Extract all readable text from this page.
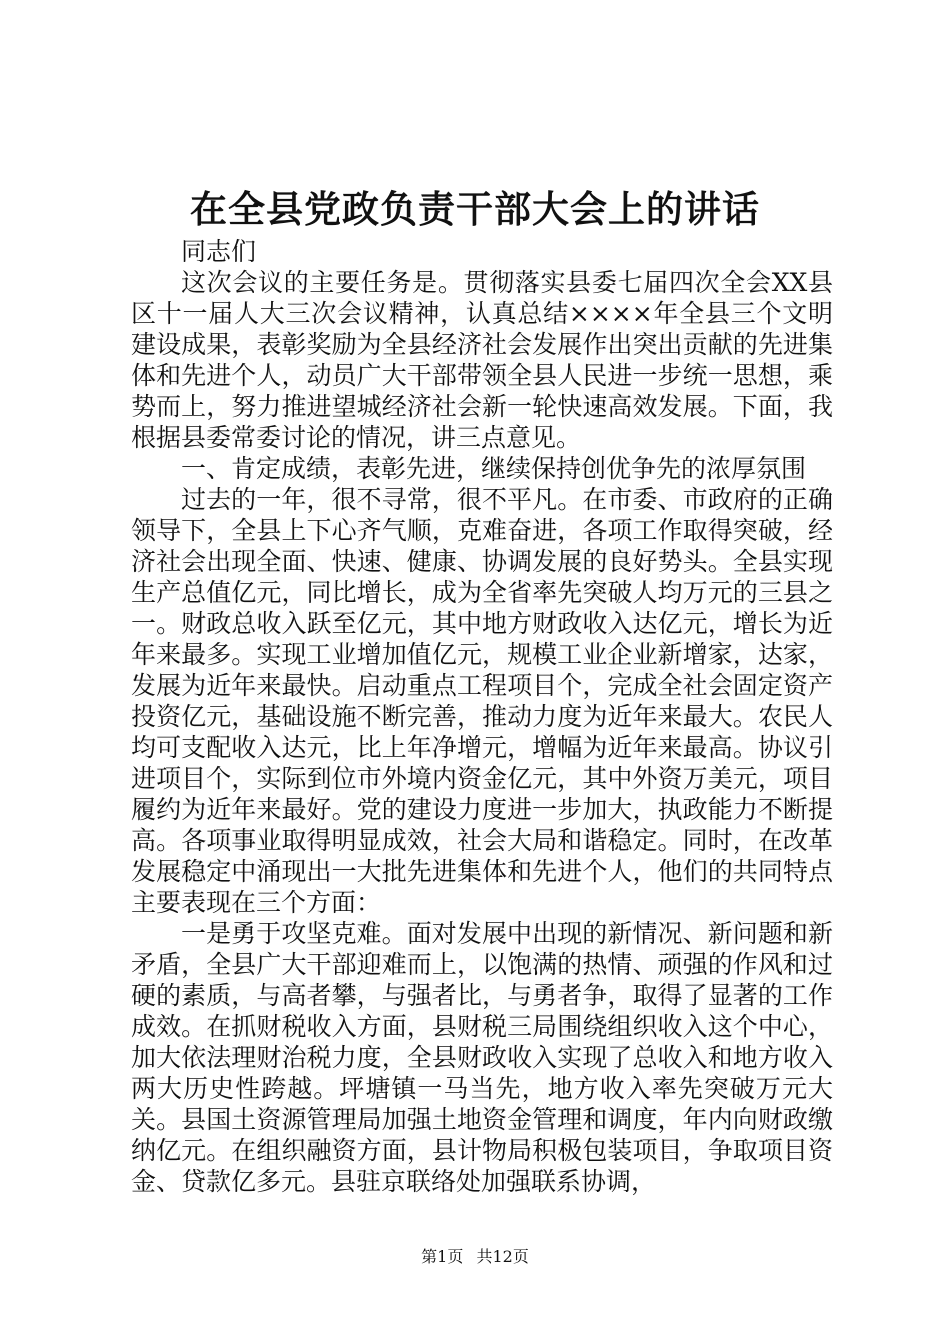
在全县党政负责干部大会上的讲话

同志们

这次会议的主要任务是。贯彻落实县委七届四次全会XX县区十一届人大三次会议精神，认真总结××××年全县三个文明建设成果，表彰奖励为全县经济社会发展作出突出贡献的先进集体和先进个人，动员广大干部带领全县人民进一步统一思想，乘势而上，努力推进望城经济社会新一轮快速高效发展。下面，我根据县委常委讨论的情况，讲三点意见。

一、肯定成绩，表彰先进，继续保持创优争先的浓厚氛围

过去的一年，很不寻常，很不平凡。在市委、市政府的正确领导下，全县上下心齐气顺，克难奋进，各项工作取得突破，经济社会出现全面、快速、健康、协调发展的良好势头。全县实现生产总值亿元，同比增长，成为全省率先突破人均万元的三县之一。财政总收入跃至亿元，其中地方财政收入达亿元，增长为近年来最多。实现工业增加值亿元，规模工业企业新增家，达家，发展为近年来最快。启动重点工程项目个，完成全社会固定资产投资亿元，基础设施不断完善，推动力度为近年来最大。农民人均可支配收入达元，比上年净增元，增幅为近年来最高。协议引进项目个，实际到位市外境内资金亿元，其中外资万美元，项目履约为近年来最好。党的建设力度进一步加大，执政能力不断提高。各项事业取得明显成效，社会大局和谐稳定。同时，在改革发展稳定中涌现出一大批先进集体和先进个人，他们的共同特点主要表现在三个方面：

一是勇于攻坚克难。面对发展中出现的新情况、新问题和新矛盾，全县广大干部迎难而上，以饱满的热情、顽强的作风和过硬的素质，与高者攀，与强者比，与勇者争，取得了显著的工作成效。在抓财税收入方面，县财税三局围绕组织收入这个中心，加大依法理财治税力度，全县财政收入实现了总收入和地方收入两大历史性跨越。坪塘镇一马当先，地方收入率先突破万元大关。县国土资源管理局加强土地资金管理和调度，年内向财政缴纳亿元。在组织融资方面，县计物局积极包装项目，争取项目资金、贷款亿多元。县驻京联络处加强联系协调，

第1页 共12页
